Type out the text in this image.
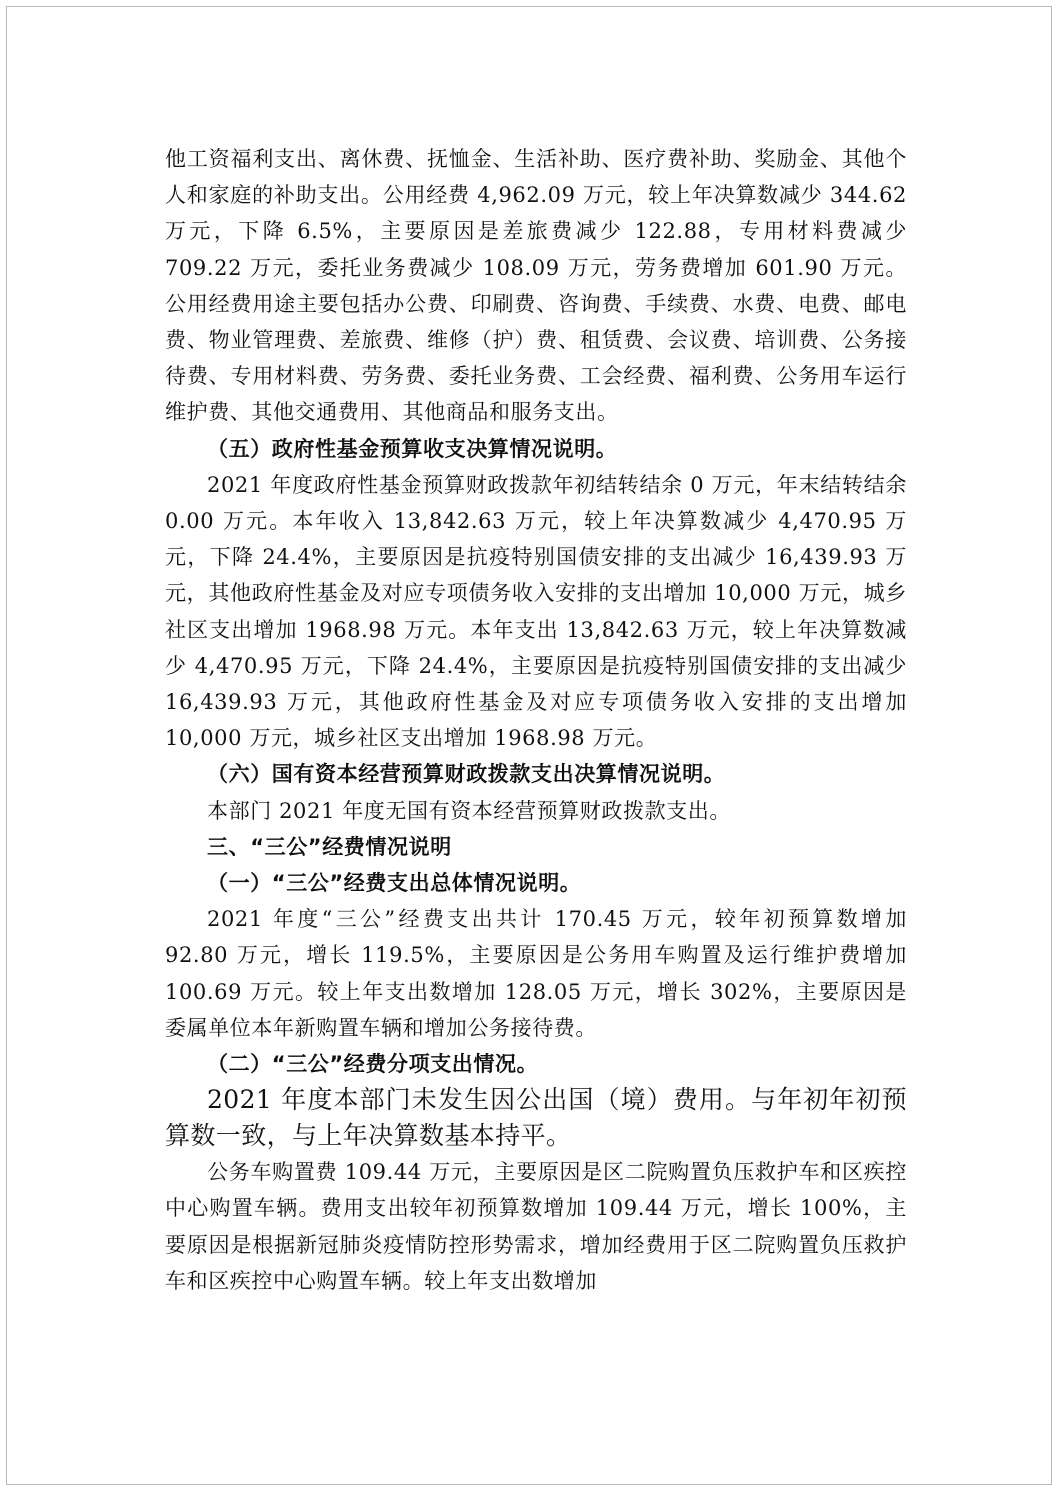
他工资福利支出、离休费、抚恤金、生活补助、医疗费补助、奖励金、其他个人和家庭的补助支出。公用经费 4,962.09 万元，较上年决算数减少 344.62 万元，下降 6.5%，主要原因是差旅费减少 122.88，专用材料费减少 709.22 万元，委托业务费减少 108.09 万元，劳务费增加 601.90 万元。公用经费用途主要包括办公费、印刷费、咨询费、手续费、水费、电费、邮电费、物业管理费、差旅费、维修（护）费、租赁费、会议费、培训费、公务接待费、专用材料费、劳务费、委托业务费、工会经费、福利费、公务用车运行维护费、其他交通费用、其他商品和服务支出。

（五）政府性基金预算收支决算情况说明。

2021 年度政府性基金预算财政拨款年初结转结余 0 万元，年末结转结余 0.00 万元。本年收入 13,842.63 万元，较上年决算数减少 4,470.95 万元，下降 24.4%，主要原因是抗疫特别国债安排的支出减少 16,439.93 万元，其他政府性基金及对应专项债务收入安排的支出增加 10,000 万元，城乡社区支出增加 1968.98 万元。本年支出 13,842.63 万元，较上年决算数减少 4,470.95 万元，下降 24.4%，主要原因是抗疫特别国债安排的支出减少 16,439.93 万元，其他政府性基金及对应专项债务收入安排的支出增加 10,000 万元，城乡社区支出增加 1968.98 万元。

（六）国有资本经营预算财政拨款支出决算情况说明。

本部门 2021 年度无国有资本经营预算财政拨款支出。

三、“三公”经费情况说明

（一）“三公”经费支出总体情况说明。

2021 年度“三公”经费支出共计 170.45 万元，较年初预算数增加 92.80 万元，增长 119.5%，主要原因是公务用车购置及运行维护费增加 100.69 万元。较上年支出数增加 128.05 万元，增长 302%，主要原因是委属单位本年新购置车辆和增加公务接待费。

（二）“三公”经费分项支出情况。

2021 年度本部门未发生因公出国（境）费用。与年初年初预算数一致，与上年决算数基本持平。

公务车购置费 109.44 万元，主要原因是区二院购置负压救护车和区疾控中心购置车辆。费用支出较年初预算数增加 109.44 万元，增长 100%，主要原因是根据新冠肺炎疫情防控形势需求，增加经费用于区二院购置负压救护车和区疾控中心购置车辆。较上年支出数增加
